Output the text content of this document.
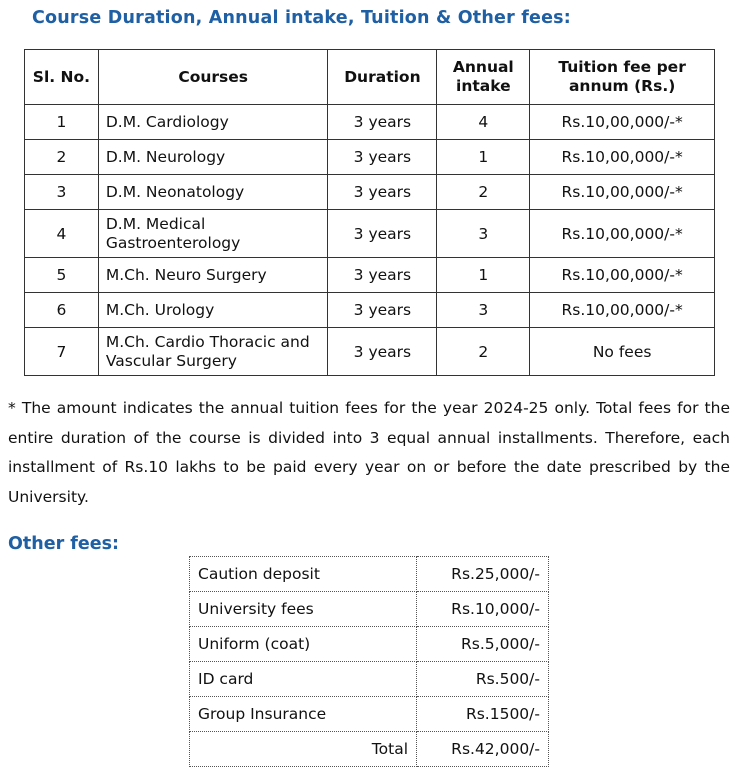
Course Duration, Annual intake, Tuition & Other fees:
Sl. No.	Courses	Duration	Annual intake	Tuition fee per annum (Rs.)
1	D.M. Cardiology	3 years	4	Rs.10,00,000/-*
2	D.M. Neurology	3 years	1	Rs.10,00,000/-*
3	D.M. Neonatology	3 years	2	Rs.10,00,000/-*
4	D.M. Medical Gastroenterology	3 years	3	Rs.10,00,000/-*
5	M.Ch. Neuro Surgery	3 years	1	Rs.10,00,000/-*
6	M.Ch. Urology	3 years	3	Rs.10,00,000/-*
7	M.Ch. Cardio Thoracic and Vascular Surgery	3 years	2	No fees
* The amount indicates the annual tuition fees for the year 2024-25 only. Total fees for the entire duration of the course is divided into 3 equal annual installments. Therefore, each installment of Rs.10 lakhs to be paid every year on or before the date prescribed by the University.
Other fees:
Caution deposit	Rs.25,000/-
University fees	Rs.10,000/-
Uniform (coat)	Rs.5,000/-
ID card	Rs.500/-
Group Insurance	Rs.1500/-
Total	Rs.42,000/-
